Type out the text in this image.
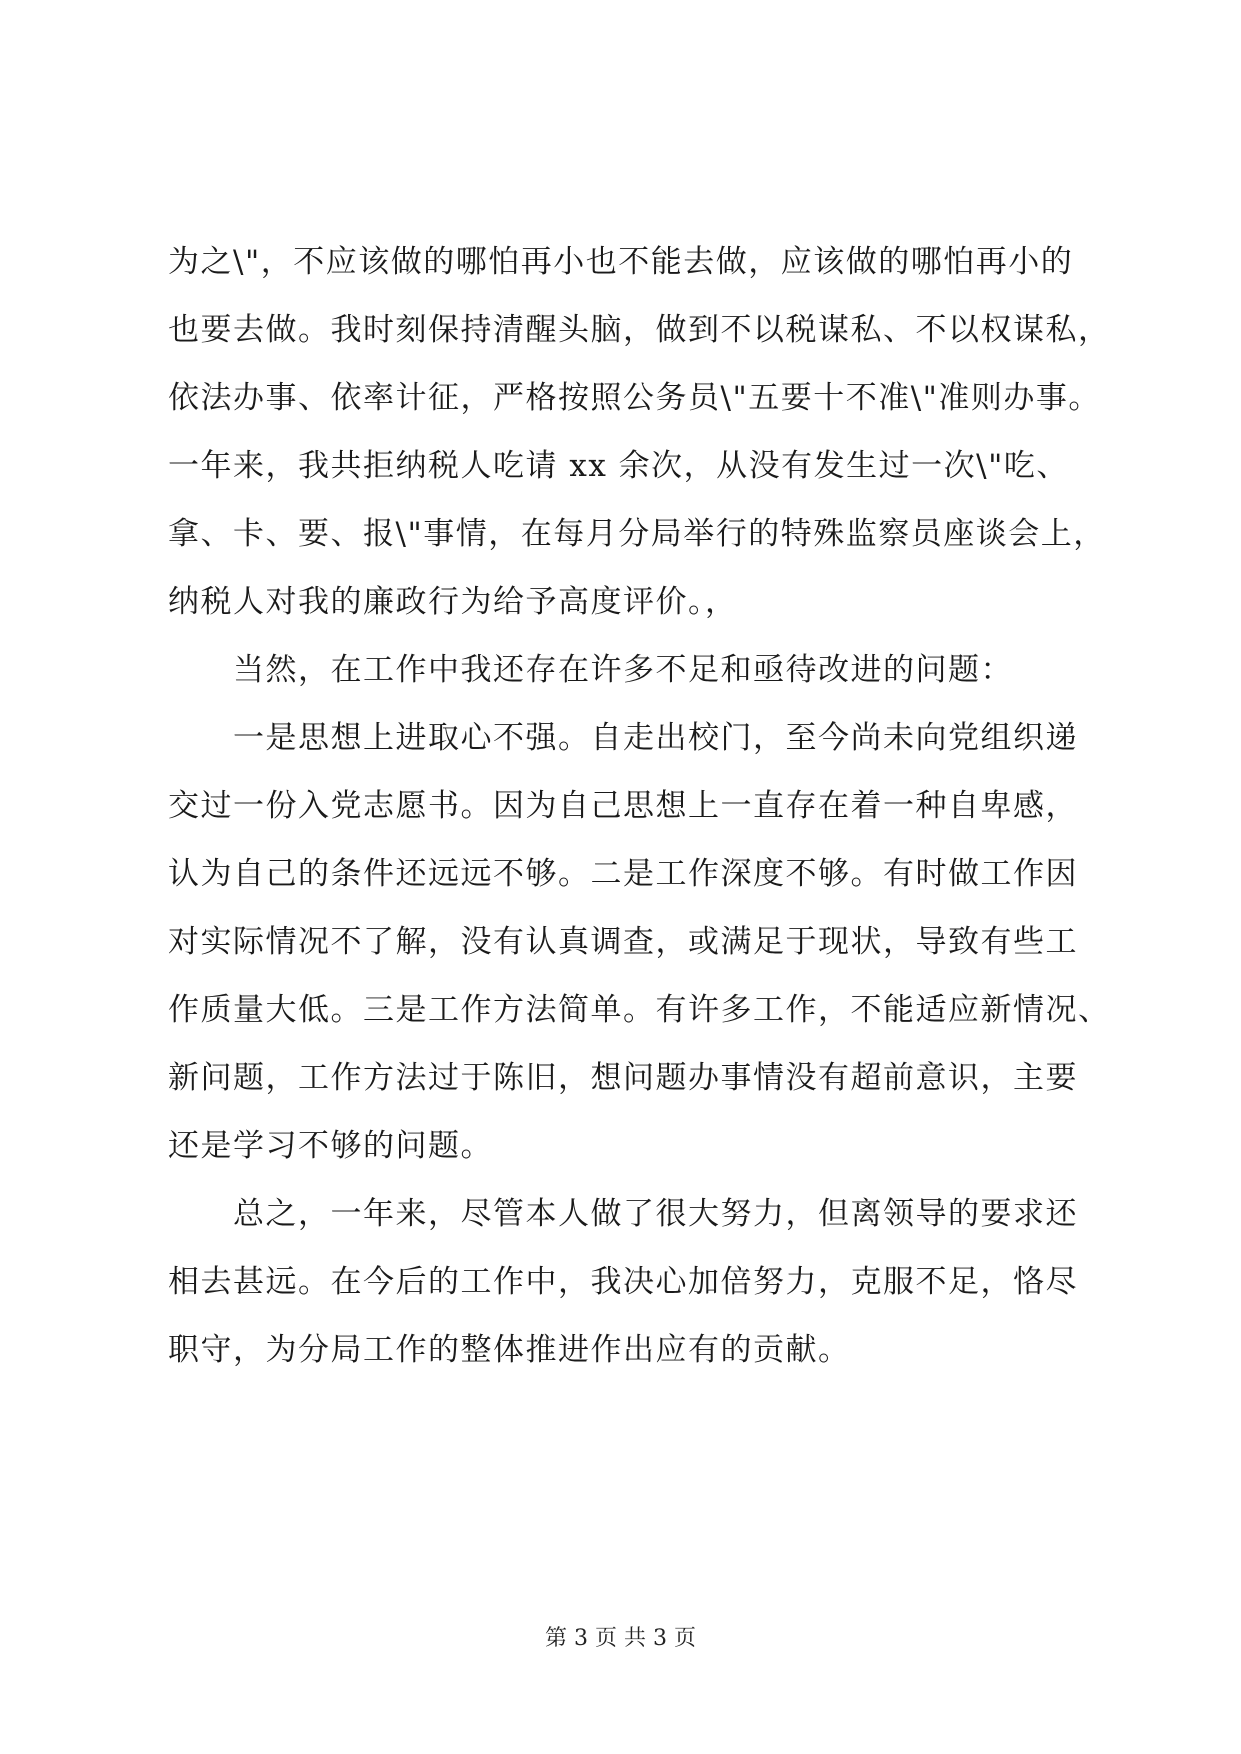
为之\"，不应该做的哪怕再小也不能去做，应该做的哪怕再小的
也要去做。我时刻保持清醒头脑，做到不以税谋私、不以权谋私，
依法办事、依率计征，严格按照公务员\"五要十不准\"准则办事。
一年来，我共拒纳税人吃请 xx 余次，从没有发生过一次\"吃、
拿、卡、要、报\"事情，在每月分局举行的特殊监察员座谈会上，
纳税人对我的廉政行为给予高度评价。，
　　当然，在工作中我还存在许多不足和亟待改进的问题：
　　一是思想上进取心不强。自走出校门，至今尚未向党组织递
交过一份入党志愿书。因为自己思想上一直存在着一种自卑感，
认为自己的条件还远远不够。二是工作深度不够。有时做工作因
对实际情况不了解，没有认真调查，或满足于现状，导致有些工
作质量大低。三是工作方法简单。有许多工作，不能适应新情况、
新问题，工作方法过于陈旧，想问题办事情没有超前意识，主要
还是学习不够的问题。
　　总之，一年来，尽管本人做了很大努力，但离领导的要求还
相去甚远。在今后的工作中，我决心加倍努力，克服不足，恪尽
职守，为分局工作的整体推进作出应有的贡献。
第 3 页 共 3 页
